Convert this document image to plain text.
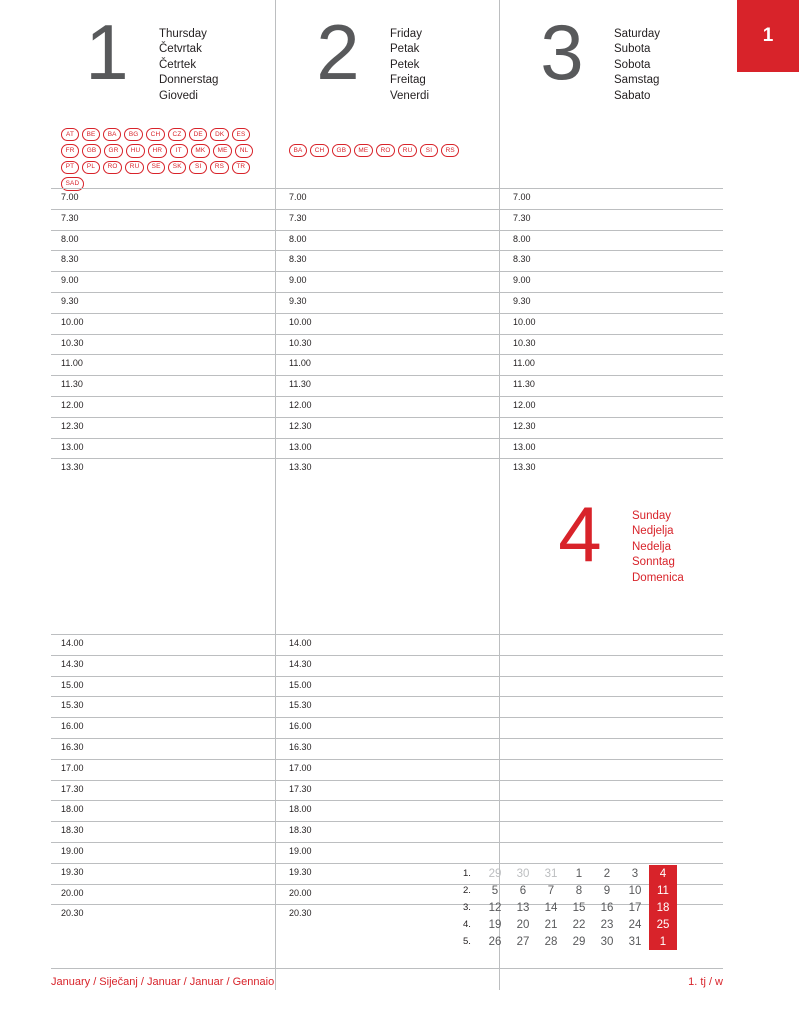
1
1	Thursday
Četvrtak
Četrtek
Donnerstag
Giovedi
AT	BE	BA	BG	CH	CZ	DE	DK	ES
FR	GB	GR	HU	HR	IT	MK	ME	NL
PT	PL	RO	RU	SE	SK	SI	RS	TR
SAD
7.00
7.30
8.00
8.30
9.00
9.30
10.00
10.30
11.00
11.30
12.00
12.30
13.00
13.30
14.00
14.30
15.00
15.30
16.00
16.30
17.00
17.30
18.00
18.30
19.00
19.30
20.00
20.30
2	Friday
Petak
Petek
Freitag
Venerdi
BA	CH	GB	ME	RO	RU	SI	RS
7.00
7.30
8.00
8.30
9.00
9.30
10.00
10.30
11.00
11.30
12.00
12.30
13.00
13.30
14.00
14.30
15.00
15.30
16.00
16.30
17.00
17.30
18.00
18.30
19.00
19.30
20.00
20.30
3	Saturday
Subota
Sobota
Samstag
Sabato
7.00
7.30
8.00
8.30
9.00
9.30
10.00
10.30
11.00
11.30
12.00
12.30
13.00
13.30
4	Sunday
Nedjelja
Nedelja
Sonntag
Domenica

1.	29	30	31	1	2	3	4
2.	5	6	7	8	9	10	11
3.	12	13	14	15	16	17	18
4.	19	20	21	22	23	24	25
5.	26	27	28	29	30	31	1
January / Siječanj / Januar / Januar / Gennaio	1. tj / w
